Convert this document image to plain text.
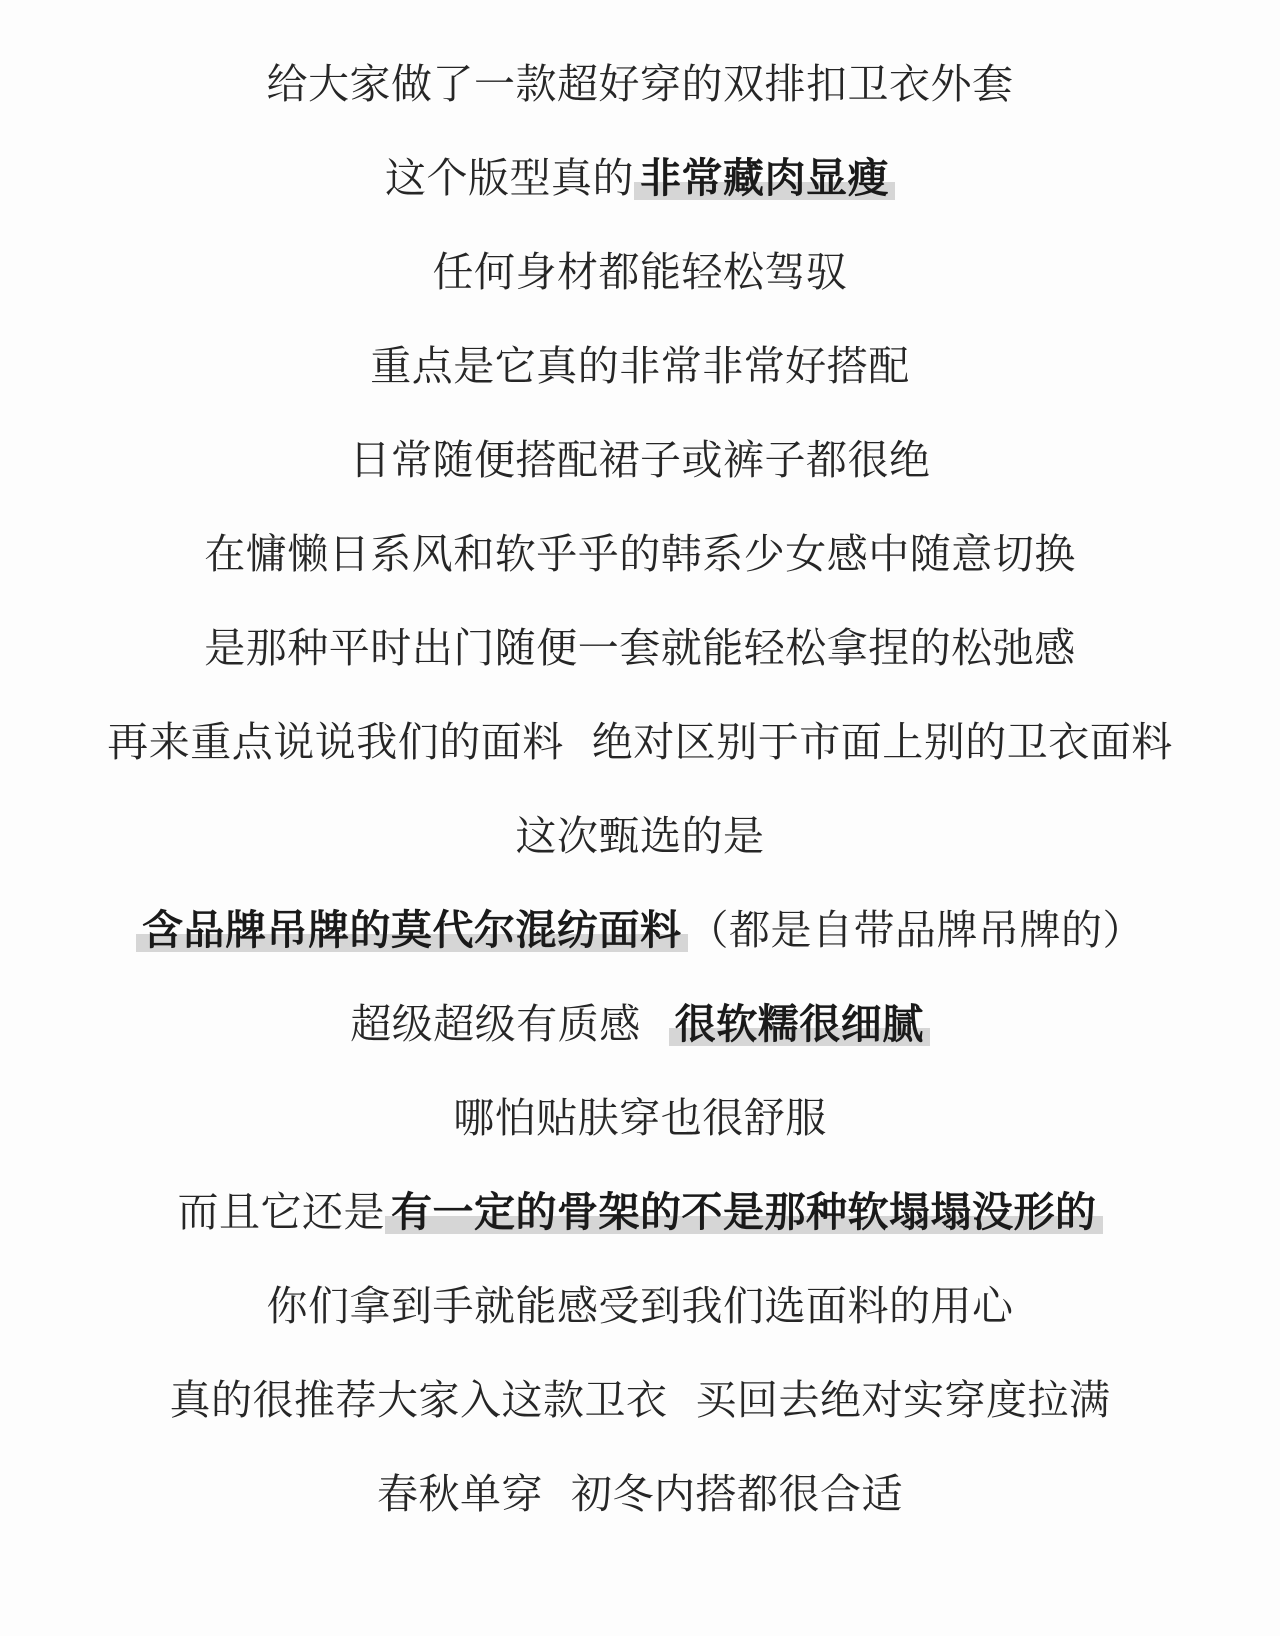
给大家做了一款超好穿的双排扣卫衣外套
这个版型真的 非常藏肉显瘦
任何身材都能轻松驾驭
重点是它真的非常非常好搭配
日常随便搭配裙子或裤子都很绝
在慵懒日系风和软乎乎的韩系少女感中随意切换
是那种平时出门随便一套就能轻松拿捏的松弛感
再来重点说说我们的面料 绝对区别于市面上别的卫衣面料
这次甄选的是
含品牌吊牌的莫代尔混纺面料 （都是自带品牌吊牌的）
超级超级有质感 很软糯很细腻
哪怕贴肤穿也很舒服
而且它还是 有一定的骨架的不是那种软塌塌没形的
你们拿到手就能感受到我们选面料的用心
真的很推荐大家入这款卫衣 买回去绝对实穿度拉满
春秋单穿 初冬内搭都很合适
